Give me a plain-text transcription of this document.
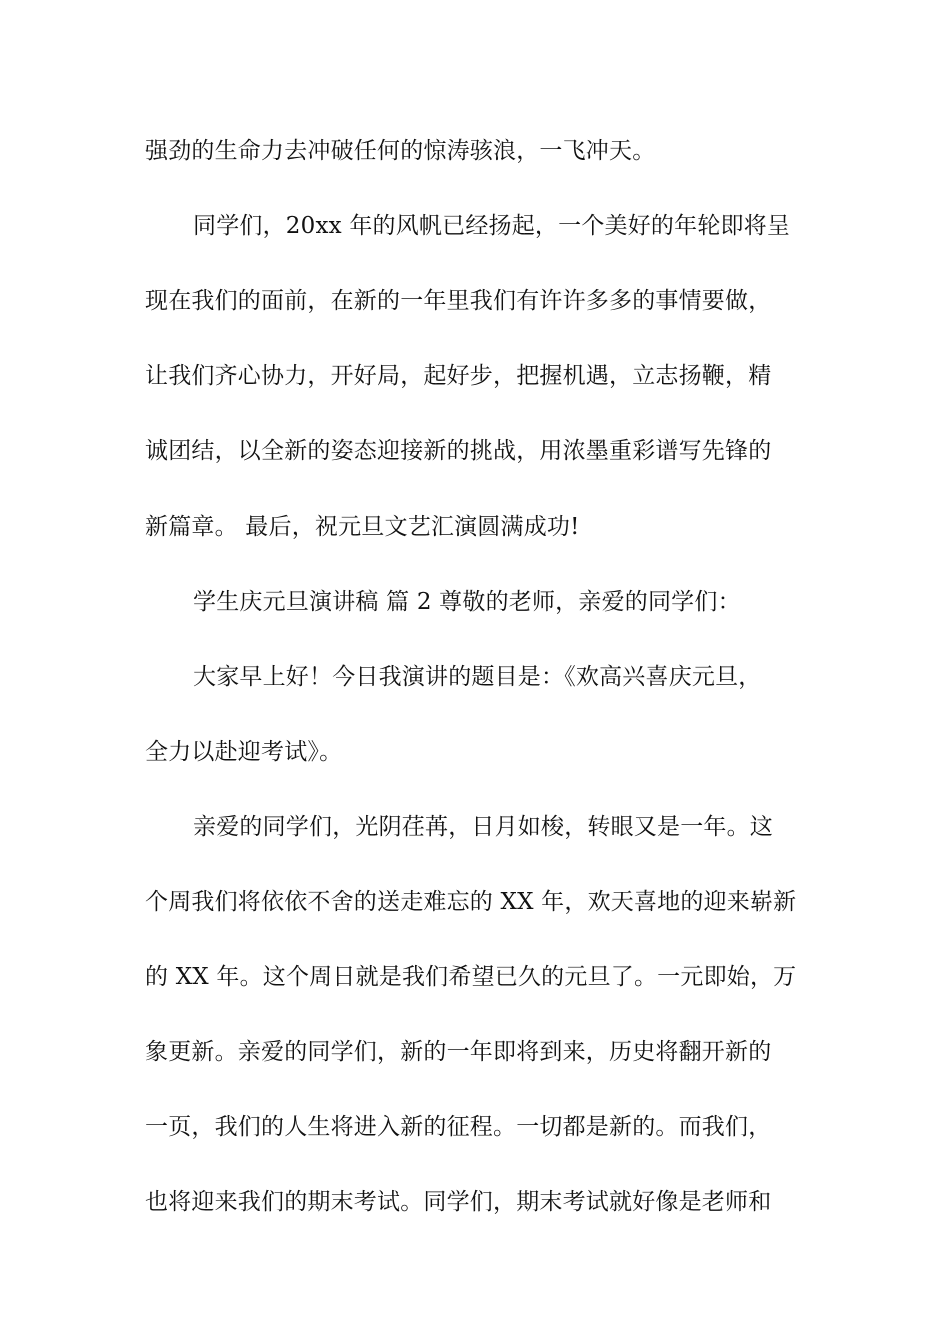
强劲的生命力去冲破任何的惊涛骇浪，一飞冲天。
同学们，20xx 年的风帆已经扬起，一个美好的年轮即将呈
现在我们的面前，在新的一年里我们有许许多多的事情要做，
让我们齐心协力，开好局，起好步，把握机遇，立志扬鞭，精
诚团结，以全新的姿态迎接新的挑战，用浓墨重彩谱写先锋的
新篇章。 最后，祝元旦文艺汇演圆满成功!
学生庆元旦演讲稿 篇 2 尊敬的老师，亲爱的同学们：
大家早上好！今日我演讲的题目是：《欢高兴喜庆元旦，
全力以赴迎考试》。
亲爱的同学们，光阴荏苒，日月如梭，转眼又是一年。这
个周我们将依依不舍的送走难忘的 XX 年，欢天喜地的迎来崭新
的 XX 年。这个周日就是我们希望已久的元旦了。一元即始，万
象更新。亲爱的同学们，新的一年即将到来，历史将翻开新的
一页，我们的人生将进入新的征程。一切都是新的。而我们，
也将迎来我们的期末考试。同学们，期末考试就好像是老师和
